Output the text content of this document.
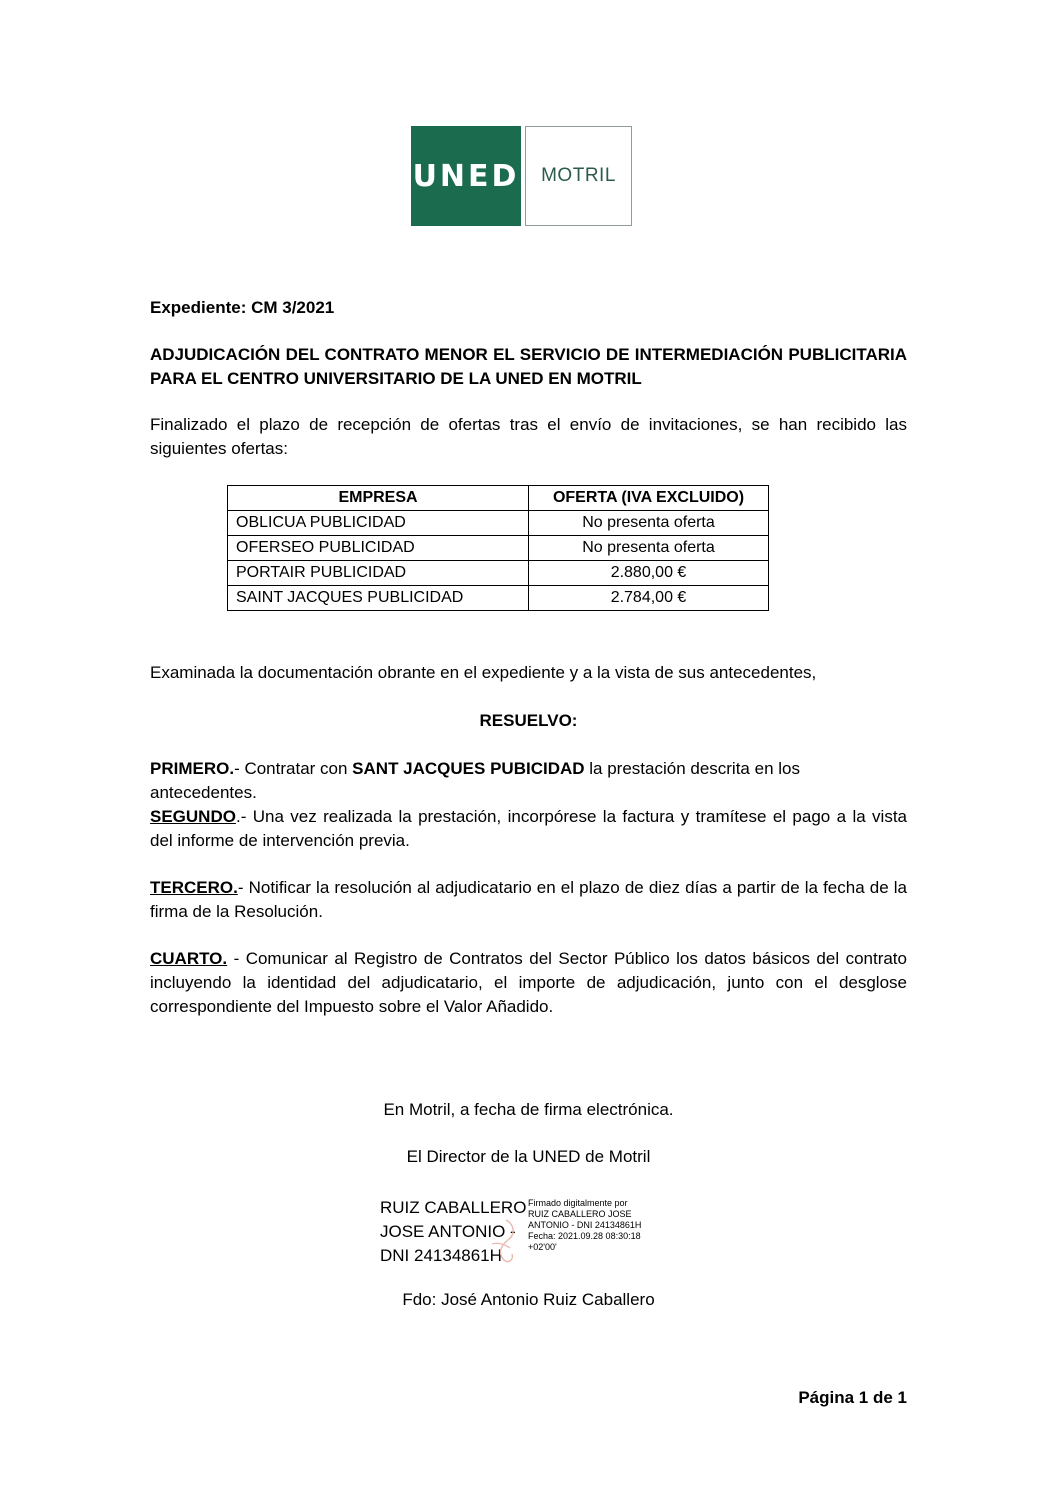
UNED MOTRIL
Expediente: CM 3/2021
ADJUDICACIÓN DEL CONTRATO MENOR EL SERVICIO DE INTERMEDIACIÓN PUBLICITARIA PARA EL CENTRO UNIVERSITARIO DE LA UNED EN MOTRIL
Finalizado el plazo de recepción de ofertas tras el envío de invitaciones, se han recibido las siguientes ofertas:
EMPRESA	OFERTA (IVA EXCLUIDO)
OBLICUA PUBLICIDAD	No presenta oferta
OFERSEO PUBLICIDAD	No presenta oferta
PORTAIR PUBLICIDAD	2.880,00 €
SAINT JACQUES PUBLICIDAD	2.784,00 €
Examinada la documentación obrante en el expediente y a la vista de sus antecedentes,
RESUELVO:
PRIMERO.- Contratar con SANT JACQUES PUBICIDAD la prestación descrita en los antecedentes.
SEGUNDO.- Una vez realizada la prestación, incorpórese la factura y tramítese el pago a la vista del informe de intervención previa.
TERCERO.- Notificar la resolución al adjudicatario en el plazo de diez días a partir de la fecha de la firma de la Resolución.
CUARTO. - Comunicar al Registro de Contratos del Sector Público los datos básicos del contrato incluyendo la identidad del adjudicatario, el importe de adjudicación, junto con el desglose correspondiente del Impuesto sobre el Valor Añadido.
En Motril, a fecha de firma electrónica.
El Director de la UNED de Motril
RUIZ CABALLERO
JOSE ANTONIO -
DNI 24134861H
Firmado digitalmente por
RUIZ CABALLERO JOSE
ANTONIO - DNI 24134861H
Fecha: 2021.09.28 08:30:18
+02'00'
Fdo: José Antonio Ruiz Caballero
Página 1 de 1
